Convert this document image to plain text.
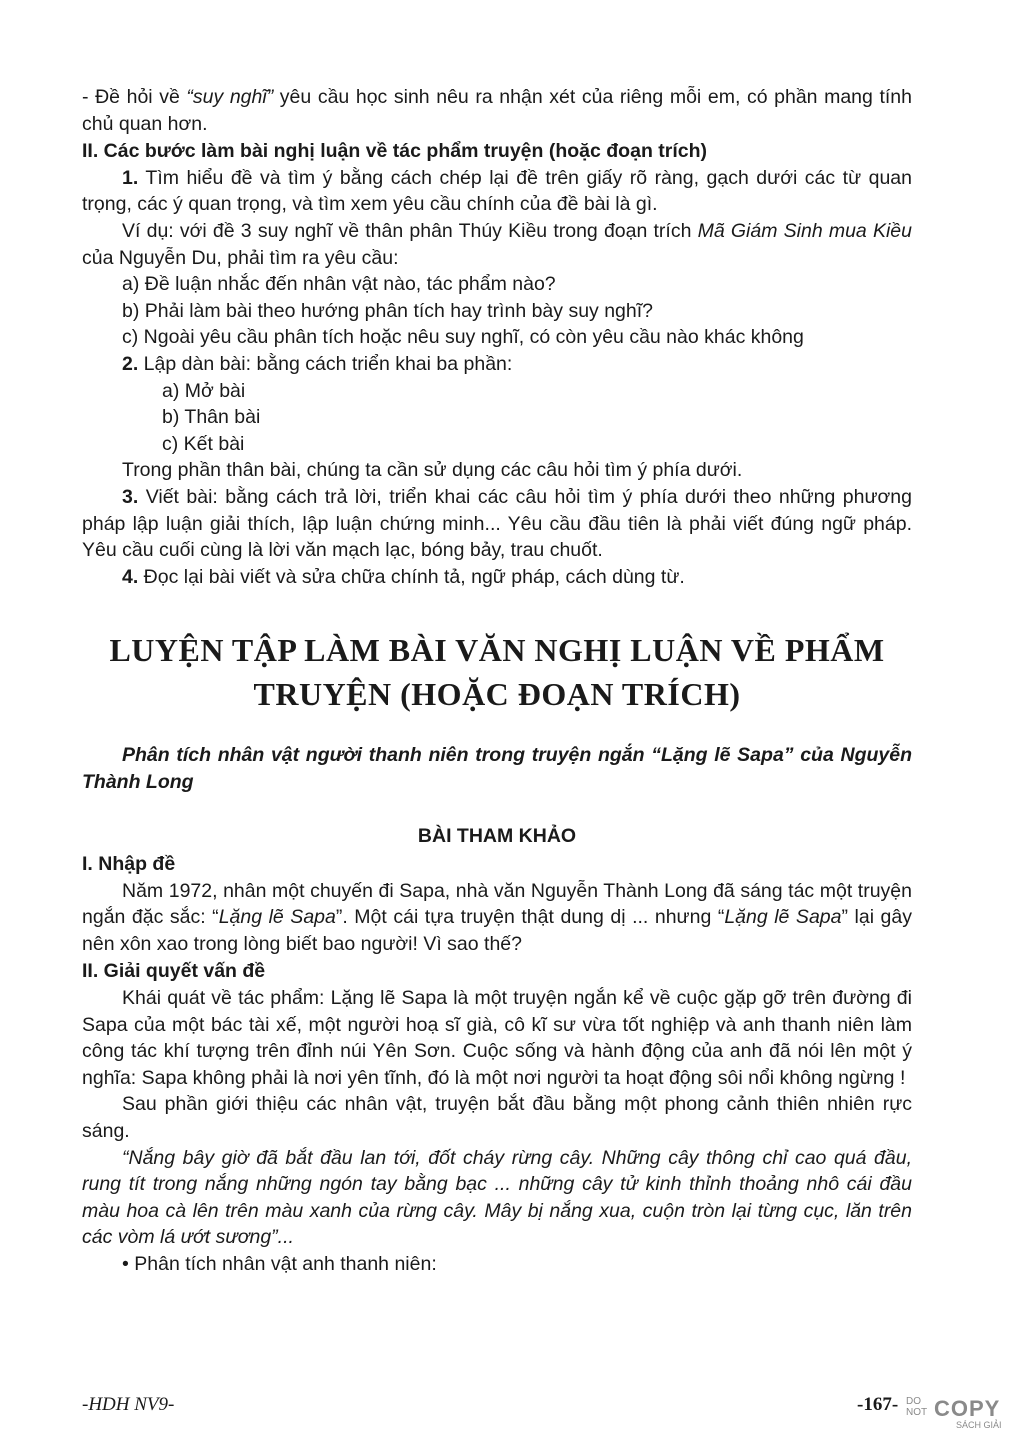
- Đề hỏi về “suy nghĩ” yêu cầu học sinh nêu ra nhận xét của riêng mỗi em, có phần mang tính chủ quan hơn.

II. Các bước làm bài nghị luận về tác phẩm truyện (hoặc đoạn trích)

1. Tìm hiểu đề và tìm ý bằng cách chép lại đề trên giấy rõ ràng, gạch dưới các từ quan trọng, các ý quan trọng, và tìm xem yêu cầu chính của đề bài là gì.

Ví dụ: với đề 3 suy nghĩ về thân phân Thúy Kiều trong đoạn trích Mã Giám Sinh mua Kiều của Nguyễn Du, phải tìm ra yêu cầu:

a) Đề luận nhắc đến nhân vật nào, tác phẩm nào?

b) Phải làm bài theo hướng phân tích hay trình bày suy nghĩ?

c) Ngoài yêu cầu phân tích hoặc nêu suy nghĩ, có còn yêu cầu nào khác không

2. Lập dàn bài: bằng cách triển khai ba phần:

a) Mở bài

b) Thân bài

c) Kết bài

Trong phần thân bài, chúng ta cần sử dụng các câu hỏi tìm ý phía dưới.

3. Viết bài: bằng cách trả lời, triển khai các câu hỏi tìm ý phía dưới theo những phương pháp lập luận giải thích, lập luận chứng minh... Yêu cầu đầu tiên là phải viết đúng ngữ pháp. Yêu cầu cuối cùng là lời văn mạch lạc, bóng bảy, trau chuốt.

4. Đọc lại bài viết và sửa chữa chính tả, ngữ pháp, cách dùng từ.

LUYỆN TẬP LÀM BÀI VĂN NGHỊ LUẬN VỀ PHẨM
TRUYỆN (HOẶC ĐOẠN TRÍCH)

Phân tích nhân vật người thanh niên trong truyện ngắn “Lặng lẽ Sapa” của Nguyễn Thành Long

BÀI THAM KHẢO

I. Nhập đề

Năm 1972, nhân một chuyến đi Sapa, nhà văn Nguyễn Thành Long đã sáng tác một truyện ngắn đặc sắc: “Lặng lẽ Sapa”. Một cái tựa truyện thật dung dị ... nhưng “Lặng lẽ Sapa” lại gây nên xôn xao trong lòng biết bao người! Vì sao thế?

II. Giải quyết vấn đề

Khái quát về tác phẩm: Lặng lẽ Sapa là một truyện ngắn kể về cuộc gặp gỡ trên đường đi Sapa của một bác tài xế, một người hoạ sĩ già, cô kĩ sư vừa tốt nghiệp và anh thanh niên làm công tác khí tượng trên đỉnh núi Yên Sơn. Cuộc sống và hành động của anh đã nói lên một ý nghĩa: Sapa không phải là nơi yên tĩnh, đó là một nơi người ta hoạt động sôi nổi không ngừng !

Sau phần giới thiệu các nhân vật, truyện bắt đầu bằng một phong cảnh thiên nhiên rực sáng.

“Nắng bây giờ đã bắt đầu lan tới, đốt cháy rừng cây. Những cây thông chỉ cao quá đầu, rung tít trong nắng những ngón tay bằng bạc ... những cây tử kinh thỉnh thoảng nhô cái đầu màu hoa cà lên trên màu xanh của rừng cây. Mây bị nắng xua, cuộn tròn lại từng cục, lăn trên các vòm lá ướt sương”...

• Phân tích nhân vật anh thanh niên:

-HDH NV9-	-167- DO
NOT COPY
SÁCH GIẢI
